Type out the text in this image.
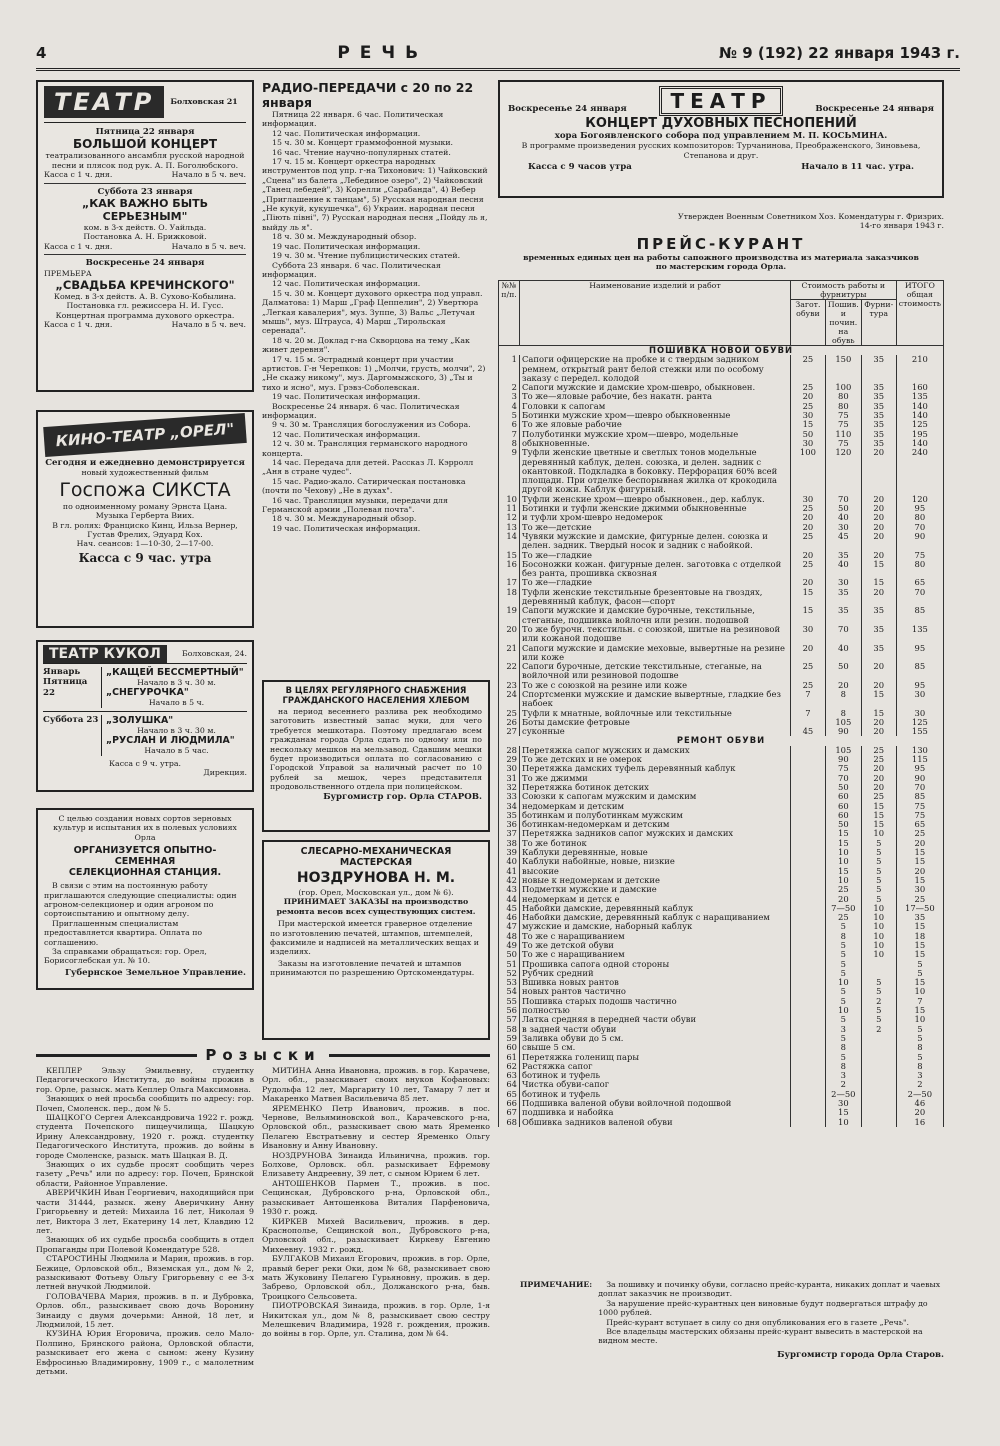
4	РЕЧЬ	№ 9 (192) 22 января 1943 г.
ТЕАТР	Болховская 21
Пятница 22 января
БОЛЬШОЙ КОНЦЕРТ
театрализованного ансамбля русской народной песни и плясок под рук. А. П. Боголюбского.
Касса с 1 ч. дня.	Начало в 5 ч. веч.
Суббота 23 января
„КАК ВАЖНО БЫТЬ СЕРЬЕЗНЫМ"
ком. в 3-х действ. О. Уайльда.
Постановка А. Н. Брижковой.
Касса с 1 ч. дня.	Начало в 5 ч. веч.
Воскресенье 24 января
ПРЕМЬЕРА
„СВАДЬБА КРЕЧИНСКОГО"
Комед. в 3-х действ. А. В. Сухово-Кобылина.
Постановка гл. режиссера Н. И. Гусс.
Концертная программа духового оркестра.
Касса с 1 ч. дня.	Начало в 5 ч. веч.
КИНО-ТЕАТР „ОРЕЛ"
Сегодня и ежедневно демонстрируется
новый художественный фильм
Госпожа СИКСТА
по одноименному роману Эрнста Цана.
Музыка Герберта Виих.
В гл. ролях: Франциско Кинц, Ильза Вернер, Густав Фрелих, Эдуард Кох.
Нач. сеансов: 1—10-30, 2—17-00.
Касса с 9 час. утра
ТЕАТР КУКОЛ	Болховская, 24.
Январь Пятница 22
„КАЩЕЙ БЕССМЕРТНЫЙ"
Начало в 3 ч. 30 м.
„СНЕГУРОЧКА"
Начало в 5 ч.
Суббота 23 „ЗОЛУШКА"
Начало в 3 ч. 30 м.
„РУСЛАН И ЛЮДМИЛА"
Начало в 5 час.
Касса с 9 ч. утра.
Дирекция.
С целью создания новых сортов зерновых культур и испытания их в полевых условиях Орла
ОРГАНИЗУЕТСЯ ОПЫТНО-СЕМЕННАЯ
СЕЛЕКЦИОННАЯ СТАНЦИЯ.
В связи с этим на постоянную работу приглашаются следующие специалисты: один агроном-селекционер и один агроном по сортоиспытанию и опытному делу.
Приглашенным специалистам предоставляется квартира. Оплата по соглашению.
За справками обращаться: гор. Орел, Борисоглебская ул. № 10.
Губернское Земельное Управление.
РАДИО-ПЕРЕДАЧИ с 20 по 22 января

Пятница 22 января. 6 час. Политическая информация.

12 час. Политическая информация.

15 ч. 30 м. Концерт граммофонной музыки.

16 час. Чтение научно-популярных статей.

17 ч. 15 м. Концерт оркестра народных инструментов под упр. г-на Тихонович: 1) Чайковский „Сцена" из балета „Лебединое озеро", 2) Чайковский „Танец лебедей", 3) Корелли „Сарабанда", 4) Вебер „Приглашение к танцам", 5) Русская народная песня „Не кукуй, кукушечка", 6) Украин. народная песня „Пiють пiвнi", 7) Русская народная песня „Пойду ль я, выйду ль я".

18 ч. 30 м. Международный обзор.

19 час. Политическая информация.

19 ч. 30 м. Чтение публицистических статей.

Суббота 23 января. 6 час. Политическая информация.

12 час. Политическая информация.

15 ч. 30 м. Концерт духового оркестра под управл. Далматова: 1) Марш „Граф Цеппелин", 2) Увертюра „Легкая кавалерия", муз. Зуппе, 3) Вальс „Летучая мышь", муз. Штрауса, 4) Марш „Тирольская серенада".

18 ч. 20 м. Доклад г-на Скворцова на тему „Как живет деревня".

17 ч. 15 м. Эстрадный концерт при участии артистов. Г-н Черепков: 1) „Молчи, грусть, молчи", 2) „Не скажу никому", муз. Даргомыжского, 3) „Ты и тихо и ясно", муз. Грэвз-Соболевская.

19 час. Политическая информация.

Воскресенье 24 января. 6 час. Политическая информация.

9 ч. 30 м. Трансляция богослужения из Собора.

12 час. Политическая информация.

12 ч. 30 м. Трансляция германского народного концерта.

14 час. Передача для детей. Рассказ Л. Кэрролл „Аня в стране чудес".

15 час. Радио-жало. Сатирическая постановка (почти по Чехову) „Не в духах".

16 час. Трансляция музыки, передачи для Германской армии „Полевая почта".

18 ч. 30 м. Международный обзор.

19 час. Политическая информация.

В ЦЕЛЯХ РЕГУЛЯРНОГО СНАБЖЕНИЯ ГРАЖДАНСКОГО НАСЕЛЕНИЯ ХЛЕБОМ
на период весеннего разлива рек необходимо заготовить известный запас муки, для чего требуется мешкотара. Поэтому предлагаю всем гражданам города Орла сдать по одному или по нескольку мешков на мельзавод. Сдавшим мешки будет производиться оплата по согласованию с Городской Управой за наличный расчет по 10 рублей за мешок, через представителя продовольственного отдела при полицейском.
Бургомистр гор. Орла СТАРОВ.
СЛЕСАРНО-МЕХАНИЧЕСКАЯ МАСТЕРСКАЯ
НОЗДРУНОВА Н. М.
(гор. Орел, Московская ул., дом № 6).
ПРИНИМАЕТ ЗАКАЗЫ на производство ремонта весов всех существующих систем.
При мастерской имеется граверное отделение по изготовлению печатей, штампов, штемпелей, факсимиле и надписей на металлических вещах и изделиях.
Заказы на изготовление печатей и штампов принимаются по разрешению Ортскомендатуры.
Розыски

КЕПЛЕР Эльзу Эмильевну, студентку Педагогического Института, до войны прожив в гор. Орле, разыск. мать Кеплер Ольга Максимовна.

Знающих о ней просьба сообщить по адресу: гор. Почеп, Смоленск. пер., дом № 5.

ШАЦКОГО Сергея Александровича 1922 г. рожд. студента Почепского пищеучилища, Шацкую Ирину Александровну, 1920 г. рожд. студентку Педагогического Института, прожив. до войны в городе Смоленске, разыск. мать Шацкая В. Д.

Знающих о их судьбе просят сообщить через газету „Речь" или по адресу: гор. Почеп, Брянской области, Районное Управление.

АВЕРИЧКИН Иван Георгиевич, находящийся при части 31444, разыск. жену Аверичкину Анну Григорьевну и детей: Михаила 16 лет, Николая 9 лет, Виктора 3 лет, Екатерину 14 лет, Клавдию 12 лет.

Знающих об их судьбе просьба сообщить в отдел Пропаганды при Полевой Комендатуре 528.

СТАРОСТИНЫ Людмила и Мария, прожив. в гор. Бежице, Орловской обл., Вяземская ул., дом № 2, разыскивают Фотьеву Ольгу Григорьевну с ее 3-х летней внучкой Людмилой.

ГОЛОВАЧЕВА Мария, прожив. в п. и Дубровка, Орлов. обл., разыскивает свою дочь Воронину Зинаиду с двумя дочерьми: Анной, 18 лет, и Людмилой, 15 лет.

КУЗИНА Юрия Егоровича, прожив. село Мало-Полпино, Брянского района, Орловской области, разыскивает его жена с сыном: жену Кузину Евфросинью Владимировну, 1909 г., с малолетним детьми.

МИТИНА Анна Ивановна, прожив. в гор. Карачеве, Орл. обл., разыскивает своих внуков Кофановых: Рудольфа 12 лет, Маргариту 10 лет, Тамару 7 лет и Макаренко Матвея Васильевича 85 лет.

ЯРЕМЕНКО Петр Иванович, прожив. в пос. Чернове, Вельяминовской вол., Карачевского р-на, Орловской обл., разыскивает свою мать Яременко Пелагею Евстратьевну и сестер Яременко Ольгу Ивановну и Анну Ивановну.

НОЗДРУНОВА Зинаида Ильинична, прожив. гор. Болхове, Орловск. обл. разыскивает Ефремову Елизавету Андреевну, 39 лет, с сыном Юрием 6 лет.

АНТОШЕНКОВ Пармен Т., прожив. в пос. Сещинская, Дубровского р-на, Орловской обл., разыскивает Антошенкова Виталия Парфеновича, 1930 г. рожд.

КИРКЕВ Михей Васильевич, прожив. в дер. Краснополье, Сещинской вол., Дубровского р-на, Орловской обл., разыскивает Киркеву Евгению Михеевну. 1932 г. рожд.

БУЛГАКОВ Михаил Егорович, прожив. в гор. Орле, правый берег реки Оки, дом № 68, разыскивает свою мать Жуковину Пелагею Гурьяновну, прожив. в дер. Забрево, Орловской обл., Должанского р-на, быв. Троицкого Сельсовета.

ПИОТРОВСКАЯ Зинаида, прожив. в гор. Орле, 1-я Никитская ул., дом № 8, разыскивает свою сестру Мелешкевич Владимира, 1928 г. рождения, прожив. до войны в гор. Орле, ул. Сталина, дом № 64.

Воскресенье 24 января	ТЕАТР	Воскресенье 24 января
КОНЦЕРТ ДУХОВНЫХ ПЕСНОПЕНИЙ
хора Богоявленского собора под управлением М. П. КОСЬМИНА.
В программе произведения русских композиторов: Турчанинова, Преображенского, Зиновьева, Степанова и друг.
Касса с 9 часов утра	Начало в 11 час. утра.
Утвержден Военным Советником Хоз. Комендатуры г. Фризрих.
14-го января 1943 г.
ПРЕЙС-КУРАНТ
временных единых цен на работы сапожного производства из материала заказчиков по мастерским города Орла.
№№ п/п.	Наименование изделий и работ	Стоимость работы и фурнитуры			ИТОГО общая стоимость
		Загот. обуви	Пошив. и почин. на обувь	Фурни-тура	
ПОШИВКА НОВОЙ ОБУВИ					
1	Сапоги офицерские на пробке и с твердым задником ремнем, открытый рант белой стежки или по особому заказу с передел. колодой	25	150	35	210
2	Сапоги мужские и дамские хром-шевро, обыкновен.	25	100	35	160
3	То же—яловые рабочие, без накатн. ранта	20	80	35	135
4	Головки к сапогам	25	80	35	140
5	Ботинки мужские хром—шевро обыкновенные	30	75	35	140
6	То же яловые рабочие	15	75	35	125
7	Полуботинки мужские хром—шевро, модельные	50	110	35	195
8	обыкновенные.	30	75	35	140
9	Туфли женские цветные и светлых тонов модельные деревянный каблук, делен. союзка, и делен. задник с окантовкой. Подкладка в боковку. Перфорация 60% всей площади. При отделке беспорывная жилка от крокодила другой кожи. Каблук фигурный.	100	120	20	240
10	Туфли женские хром—шевро обыкновен., дер. каблук.	30	70	20	120
11	Ботинки и туфли женские джимми обыкновенные	25	50	20	95
12	и туфли хром-шевро недомерок	20	40	20	80
13	То же—детские	20	30	20	70
14	Чувяки мужские и дамские, фигурные делен. союзка и делен. задник. Твердый носок и задник с набойкой.	25	45	20	90
15	То же—гладкие	20	35	20	75
16	Босоножки кожан. фигурные делен. заготовка с отделкой без ранта, прошивка сквозная	25	40	15	80
17	То же—гладкие	20	30	15	65
18	Туфли женские текстильные брезентовые на гвоздях, деревянный каблук, фасон—спорт	15	35	20	70
19	Сапоги мужские и дамские бурочные, текстильные, стеганые, подшивка войлочн или резин. подошвой	15	35	35	85
20	То же бурочн. текстильн. с союзкой, шитые на резиновой или кожаной подошве	30	70	35	135
21	Сапоги мужские и дамские меховые, вывертные на резине или коже	20	40	35	95
22	Сапоги бурочные, детские текстильные, стеганые, на войлочной или резиновой подошве	25	50	20	85
23	То же с союзкой на резине или коже	25	20	20	95
24	Спортсменки мужские и дамские вывертные, гладкие без набоек	7	8	15	30
25	Туфли к мнатные, войлочные или текстильные	7	8	15	30
26	Боты дамские фетровые		105	20	125
27	суконные	45	90	20	155
РЕМОНТ ОБУВИ					
28	Перетяжка сапог мужских и дамских		105	25	130
29	То же детских и не омерок		90	25	115
30	Перетяжка дамских туфель деревянный каблук		75	20	95
31	То же джимми		70	20	90
32	Перетяжка ботинок детских		50	20	70
33	Союзки к сапогам мужским и дамским		60	25	85
34	недомеркам и детским		60	15	75
35	ботинкам и полуботинкам мужским		60	15	75
36	ботинкам-недомеркам и детским		50	15	65
37	Перетяжка задников сапог мужских и дамских		15	10	25
38	То же ботинок		15	5	20
39	Каблуки деревянные, новые		10	5	15
40	Каблуки набойные, новые, низкие		10	5	15
41	высокие		15	5	20
42	новые к недомеркам и детские		10	5	15
43	Подметки мужские и дамские		25	5	30
44	недомеркам и детск е		20	5	25
45	Набойки дамские, деревянный каблук		7—50	10	17—50
46	Набойки дамские, деревянный каблук с наращиванием		25	10	35
47	мужские и дамские, наборный каблук		5	10	15
48	То же с наращиванием		8	10	18
49	То же детской обуви		5	10	15
50	То же с наращиванием		5	10	15
51	Прошивка сапога одной стороны		5		5
52	Рубчик средний		5		5
53	Вшивка новых рантов		10	5	15
54	новых рантов частично		5	5	10
55	Пошивка старых подошв частично		5	2	7
56	полностью		10	5	15
57	Латка средняя в передней части обуви		5	5	10
58	в задней части обуви		3	2	5
59	Заливка обуви до 5 см.		5		5
60	свыше 5 см.		8		8
61	Перетяжка голенищ пары		5		5
62	Растяжка сапог		8		8
63	ботинок и туфель		3		3
64	Чистка обуви-сапог		2		2
65	ботинок и туфель		2—50		2—50
66	Подшивка валеной обуви войлочной подошвой		30		46
67	подшивка и набойка		15		20
68	Обшивка задников валеной обуви		10		16
ПРИМЕЧАНИЕ:	За пошивку и починку обуви, согласно прейс-куранта, никаких доплат и чаевых доплат заказчик не производит.
За нарушение прейс-курантных цен виновные будут подвергаться штрафу до 1000 рублей.
Прейс-курант вступает в силу со дня опубликования его в газете „Речь".
Все владельцы мастерских обязаны прейс-курант вывесить в мастерской на видном месте.
Бургомистр города Орла Старов.
